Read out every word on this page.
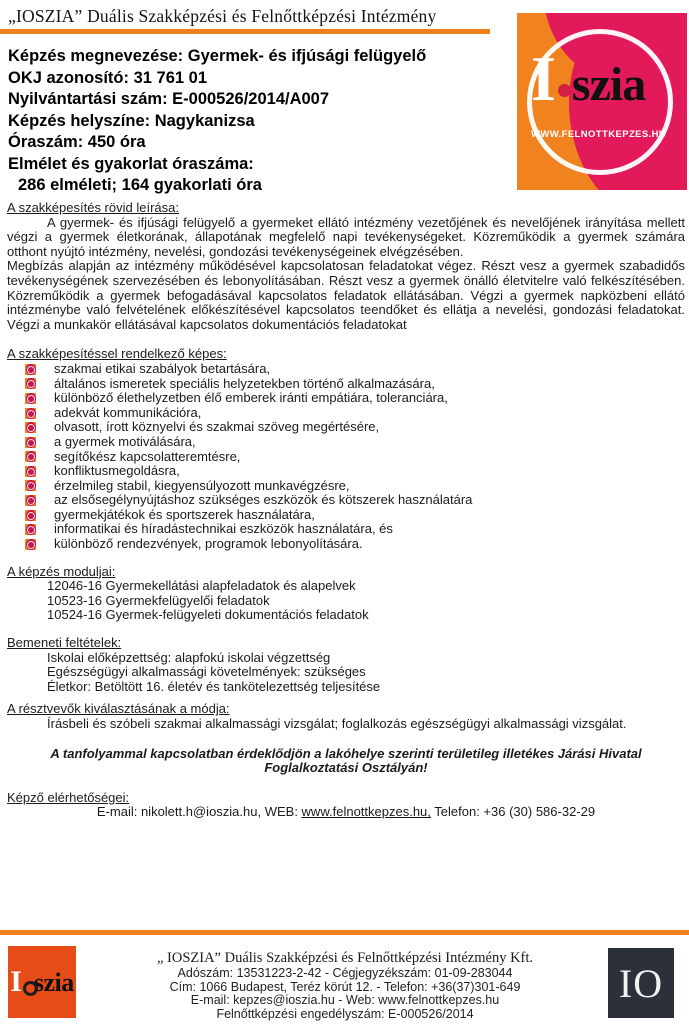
„IOSZIA” Duális Szakképzési és Felnőttképzési Intézmény
Képzés megnevezése: Gyermek- és ifjúsági felügyelő
OKJ azonosító: 31 761 01
Nyilvántartási szám: E-000526/2014/A007
Képzés helyszíne: Nagykanizsa
Óraszám: 450 óra
Elmélet és gyakorlat óraszáma:
286 elméleti; 164 gyakorlati óra
I szia
WWW.FELNOTTKEPZES.HU
A szakképesítés rövid leírása:
A gyermek- és ifjúsági felügyelő a gyermeket ellátó intézmény vezetőjének és nevelőjének irányítása mellett végzi a gyermek életkorának, állapotának megfelelő napi tevékenységeket. Közreműködik a gyermek számára otthont nyújtó intézmény, nevelési, gondozási tevékenységeinek elvégzésében.
Megbízás alapján az intézmény működésével kapcsolatosan feladatokat végez. Részt vesz a gyermek szabadidős tevékenységének szervezésében és lebonyolításában. Részt vesz a gyermek önálló életvitelre való felkészítésében. Közreműködik a gyermek befogadásával kapcsolatos feladatok ellátásában. Végzi a gyermek napközbeni ellátó intézménybe való felvételének előkészítésével kapcsolatos teendőket és ellátja a nevelési, gondozási feladatokat. Végzi a munkakör ellátásával kapcsolatos dokumentációs feladatokat
A szakképesítéssel rendelkező képes:
szakmai etikai szabályok betartására,
általános ismeretek speciális helyzetekben történő alkalmazására,
különböző élethelyzetben élő emberek iránti empátiára, toleranciára,
adekvát kommunikációra,
olvasott, írott köznyelvi és szakmai szöveg megértésére,
a gyermek motiválására,
segítőkész kapcsolatteremtésre,
konfliktusmegoldásra,
érzelmileg stabil, kiegyensúlyozott munkavégzésre,
az elsősegélynyújtáshoz szükséges eszközök és kötszerek használatára
gyermekjátékok és sportszerek használatára,
informatikai és híradástechnikai eszközök használatára, és
különböző rendezvények, programok lebonyolítására.
A képzés moduljai:
12046-16 Gyermekellátási alapfeladatok és alapelvek
10523-16 Gyermekfelügyelői feladatok
10524-16 Gyermek-felügyeleti dokumentációs feladatok
Bemeneti feltételek:
Iskolai előképzettség: alapfokú iskolai végzettség
Egészségügyi alkalmassági követelmények: szükséges
Életkor: Betöltött 16. életév és tankötelezettség teljesítése
A résztvevők kiválasztásának a módja:
Írásbeli és szóbeli szakmai alkalmassági vizsgálat; foglalkozás egészségügyi alkalmassági vizsgálat.
A tanfolyammal kapcsolatban érdeklődjön a lakóhelye szerinti területileg illetékes Járási Hivatal Foglalkoztatási Osztályán!
Képző elérhetőségei:
E-mail: nikolett.h@ioszia.hu, WEB: www.felnottkepzes.hu, Telefon: +36 (30) 586-32-29
I szia
„ IOSZIA” Duális Szakképzési és Felnőttképzési Intézmény Kft.
Adószám: 13531223-2-42 - Cégjegyzékszám: 01-09-283044
Cím: 1066 Budapest, Teréz körút 12. - Telefon: +36(37)301-649
E-mail: kepzes@ioszia.hu - Web: www.felnottkepzes.hu
Felnőttképzési engedélyszám: E-000526/2014
IO
